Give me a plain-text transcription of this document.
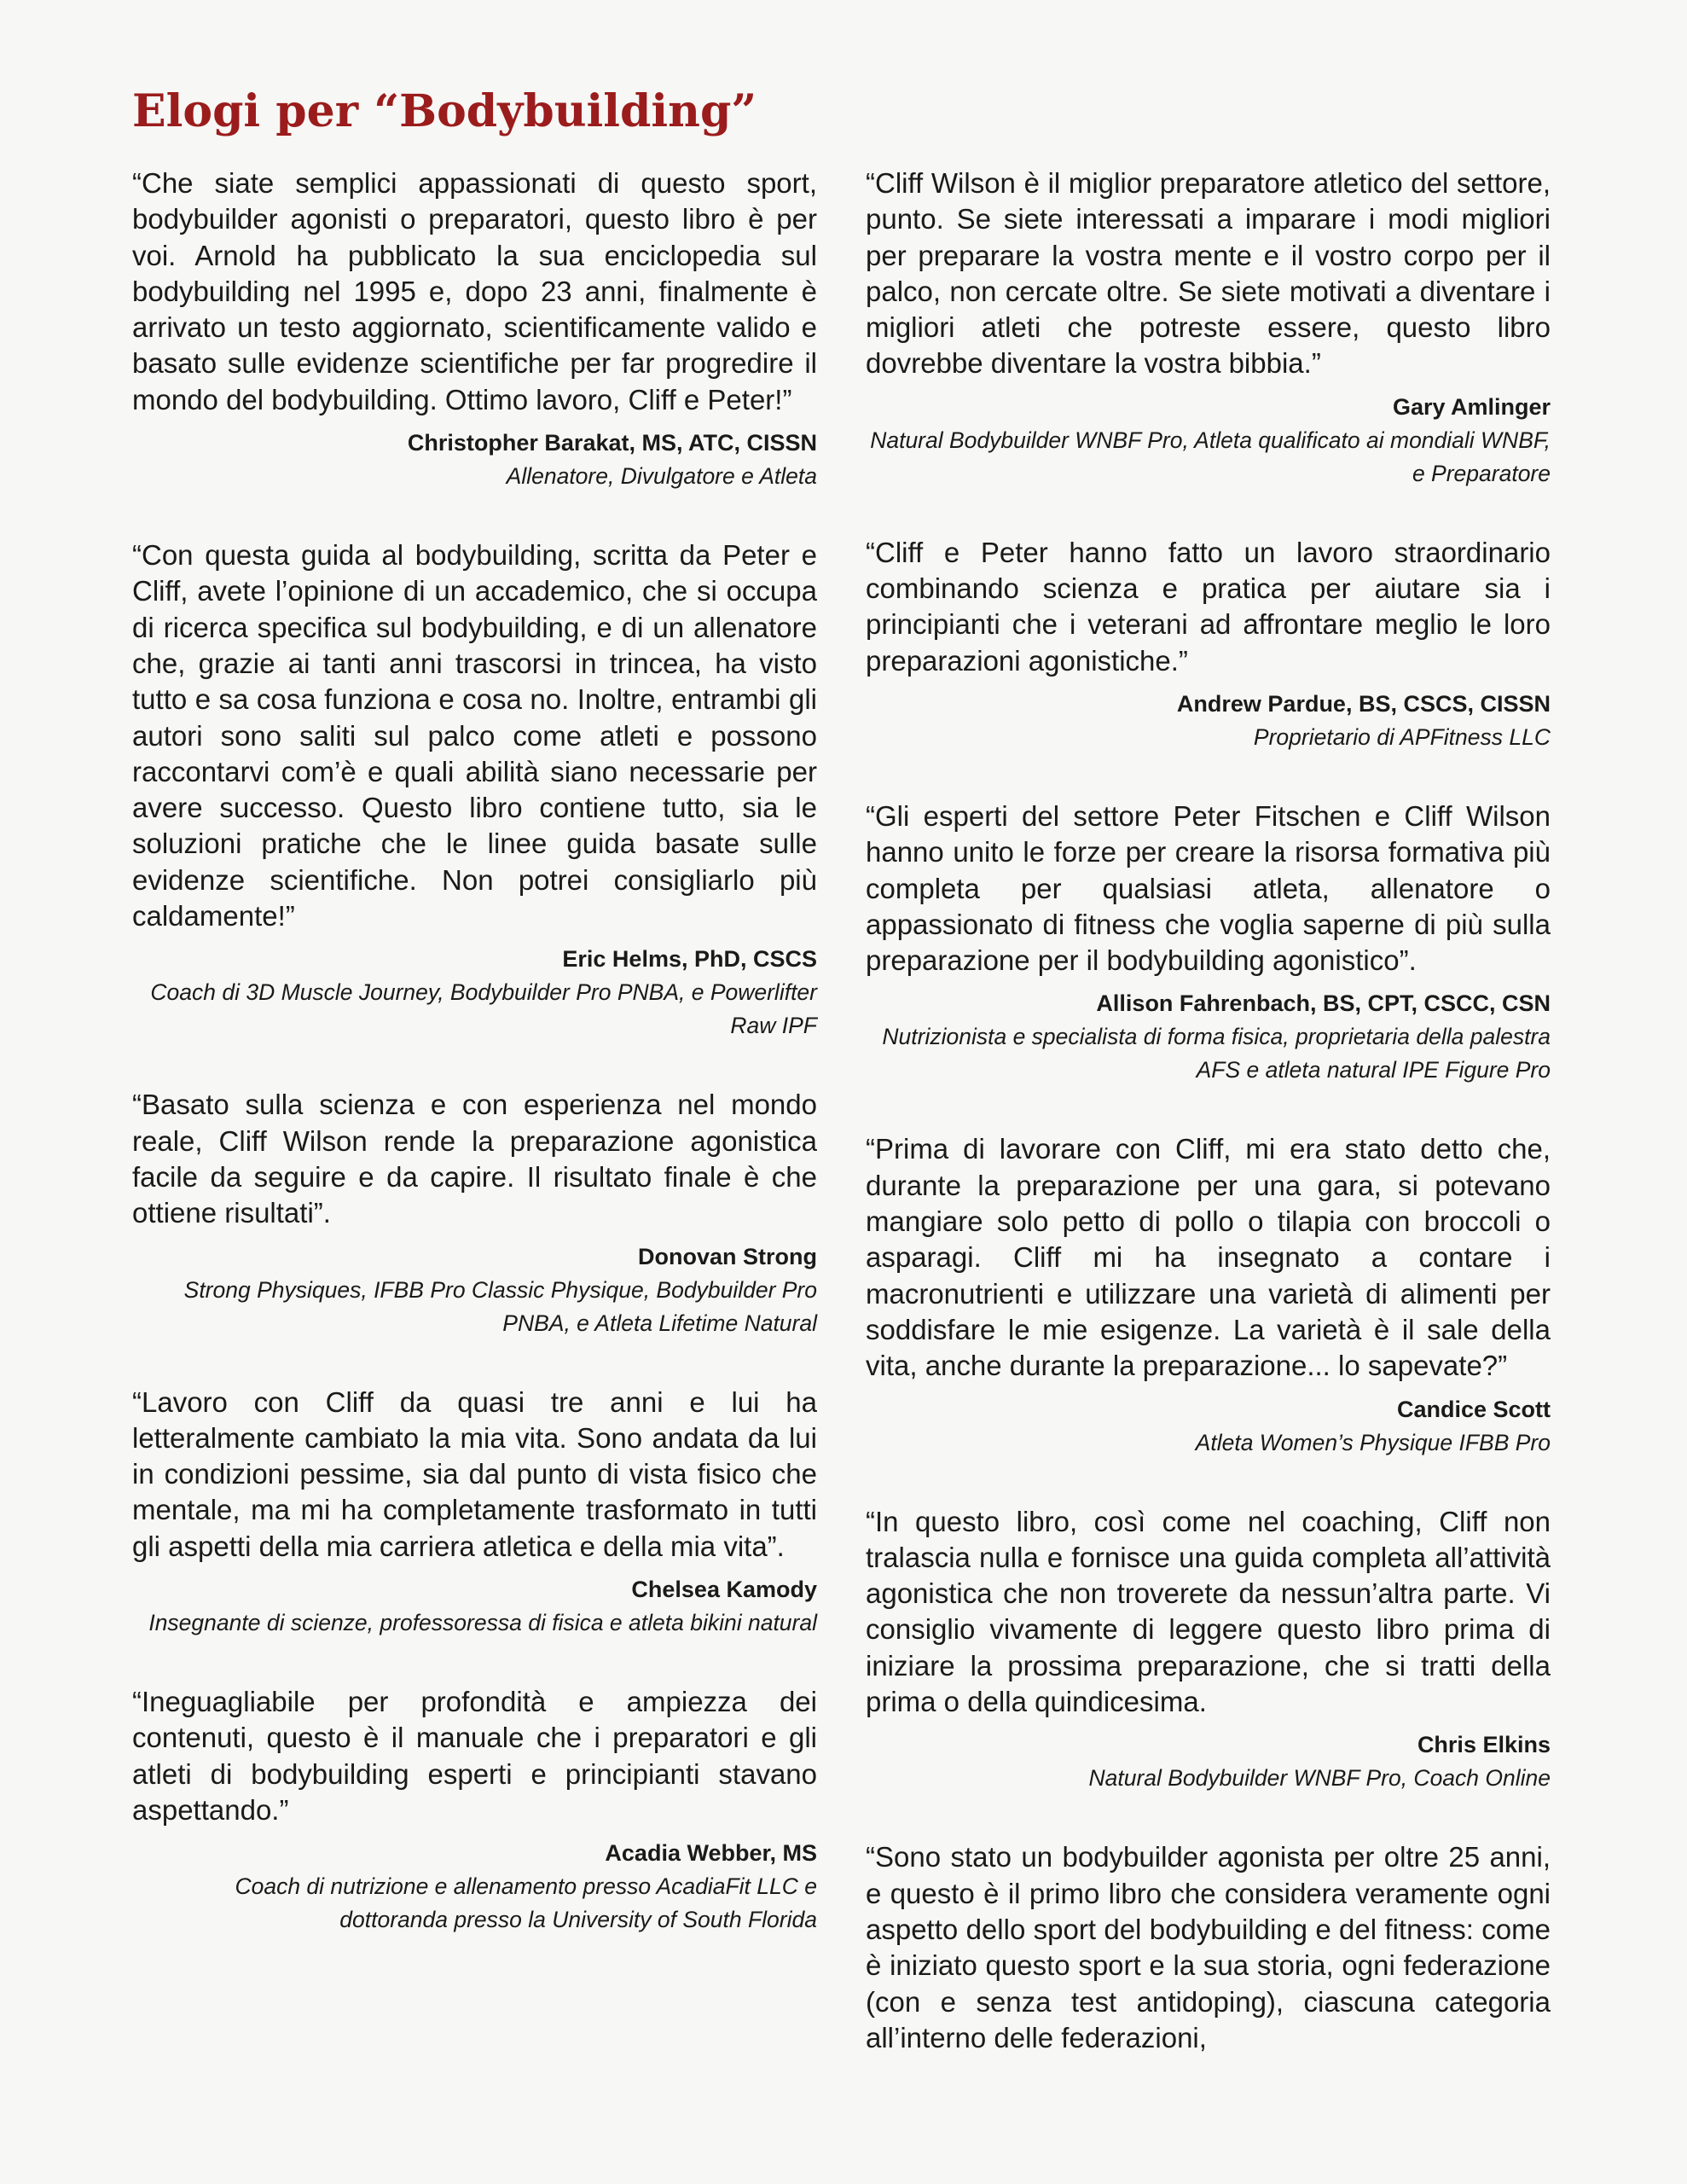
Elogi per “Bodybuilding”

“Che siate semplici appassionati di questo sport, bodybuilder agonisti o preparatori, questo libro è per voi. Arnold ha pubblicato la sua enciclopedia sul bodybuilding nel 1995 e, dopo 23 anni, finalmente è arrivato un testo aggiornato, scientificamente valido e basato sulle evidenze scientifiche per far progredire il mondo del bodybuilding. Ottimo lavoro, Cliff e Peter!”

Christopher Barakat, MS, ATC, CISSN

Allenatore, Divulgatore e Atleta

“Con questa guida al bodybuilding, scritta da Peter e Cliff, avete l’opinione di un accademico, che si occupa di ricerca specifica sul bodybuilding, e di un allenatore che, grazie ai tanti anni trascorsi in trincea, ha visto tutto e sa cosa funziona e cosa no. Inoltre, entrambi gli autori sono saliti sul palco come atleti e possono raccontarvi com’è e quali abilità siano necessarie per avere successo. Questo libro contiene tutto, sia le soluzioni pratiche che le linee guida basate sulle evidenze scientifiche. Non potrei consigliarlo più caldamente!”

Eric Helms, PhD, CSCS

Coach di 3D Muscle Journey, Bodybuilder Pro PNBA, e Powerlifter Raw IPF

“Basato sulla scienza e con esperienza nel mondo reale, Cliff Wilson rende la preparazione agonistica facile da seguire e da capire. Il risultato finale è che ottiene risultati”.

Donovan Strong

Strong Physiques, IFBB Pro Classic Physique, Bodybuilder Pro PNBA, e Atleta Lifetime Natural

“Lavoro con Cliff da quasi tre anni e lui ha letteralmente cambiato la mia vita. Sono andata da lui in condizioni pessime, sia dal punto di vista fisico che mentale, ma mi ha completamente trasformato in tutti gli aspetti della mia carriera atletica e della mia vita”.

Chelsea Kamody

Insegnante di scienze, professoressa di fisica e atleta bikini natural

“Ineguagliabile per profondità e ampiezza dei contenuti, questo è il manuale che i preparatori e gli atleti di bodybuilding esperti e principianti stavano aspettando.”

Acadia Webber, MS

Coach di nutrizione e allenamento presso AcadiaFit LLC e dottoranda presso la University of South Florida

“Cliff Wilson è il miglior preparatore atletico del settore, punto. Se siete interessati a imparare i modi migliori per preparare la vostra mente e il vostro corpo per il palco, non cercate oltre. Se siete motivati a diventare i migliori atleti che potreste essere, questo libro dovrebbe diventare la vostra bibbia.”

Gary Amlinger

Natural Bodybuilder WNBF Pro, Atleta qualificato ai mondiali WNBF, e Preparatore

“Cliff e Peter hanno fatto un lavoro straordinario combinando scienza e pratica per aiutare sia i principianti che i veterani ad affrontare meglio le loro preparazioni agonistiche.”

Andrew Pardue, BS, CSCS, CISSN

Proprietario di APFitness LLC

“Gli esperti del settore Peter Fitschen e Cliff Wilson hanno unito le forze per creare la risorsa formativa più completa per qualsiasi atleta, allenatore o appassionato di fitness che voglia saperne di più sulla preparazione per il bodybuilding agonistico”.

Allison Fahrenbach, BS, CPT, CSCC, CSN

Nutrizionista e specialista di forma fisica, proprietaria della palestra AFS e atleta natural IPE Figure Pro

“Prima di lavorare con Cliff, mi era stato detto che, durante la preparazione per una gara, si potevano mangiare solo petto di pollo o tilapia con broccoli o asparagi. Cliff mi ha insegnato a contare i macronutrienti e utilizzare una varietà di alimenti per soddisfare le mie esigenze. La varietà è il sale della vita, anche durante la preparazione... lo sapevate?”

Candice Scott

Atleta Women’s Physique IFBB Pro

“In questo libro, così come nel coaching, Cliff non tralascia nulla e fornisce una guida completa all’attività agonistica che non troverete da nessun’altra parte. Vi consiglio vivamente di leggere questo libro prima di iniziare la prossima preparazione, che si tratti della prima o della quindicesima.

Chris Elkins

Natural Bodybuilder WNBF Pro, Coach Online

“Sono stato un bodybuilder agonista per oltre 25 anni, e questo è il primo libro che considera veramente ogni aspetto dello sport del bodybuilding e del fitness: come è iniziato questo sport e la sua storia, ogni federazione (con e senza test antidoping), ciascuna categoria all’interno delle federazioni,
